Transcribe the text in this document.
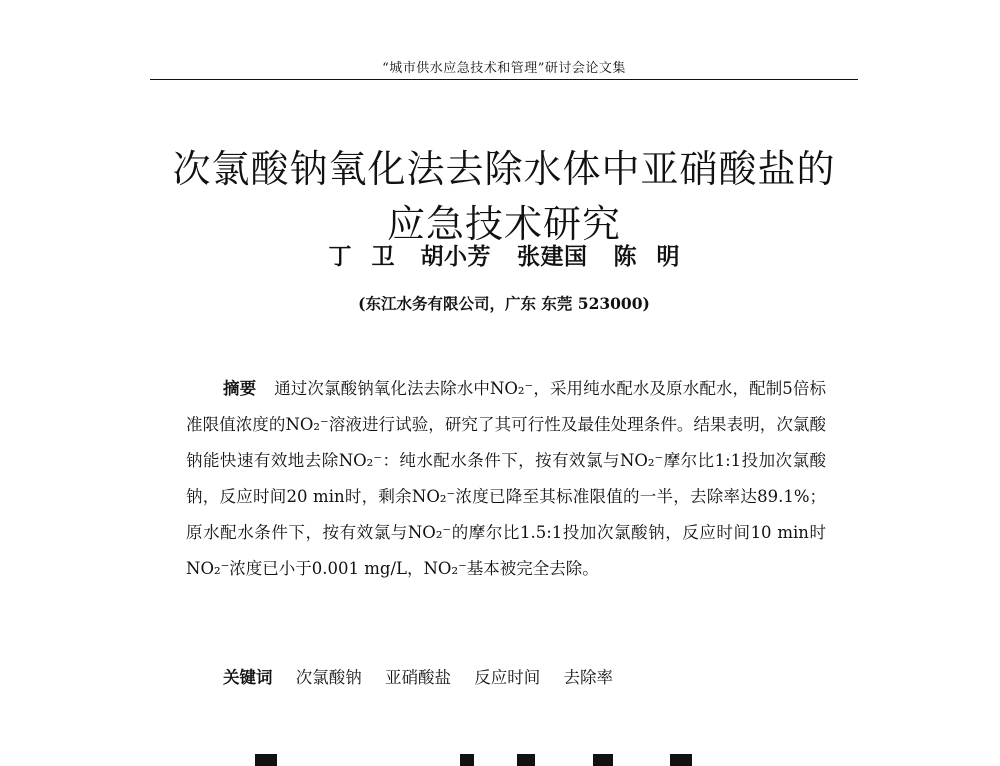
“城市供水应急技术和管理”研讨会论文集
次氯酸钠氧化法去除水体中亚硝酸盐的
应急技术研究
丁卫 胡小芳 张建国 陈明
(东江水务有限公司，广东 东莞 523000)
摘要 通过次氯酸钠氧化法去除水中NO₂⁻，采用纯水配水及原水配水，配制5倍标准限值浓度的NO₂⁻溶液进行试验，研究了其可行性及最佳处理条件。结果表明，次氯酸钠能快速有效地去除NO₂⁻：纯水配水条件下，按有效氯与NO₂⁻摩尔比1:1投加次氯酸钠，反应时间20 min时，剩余NO₂⁻浓度已降至其标准限值的一半，去除率达89.1%；原水配水条件下，按有效氯与NO₂⁻的摩尔比1.5:1投加次氯酸钠，反应时间10 min时NO₂⁻浓度已小于0.001 mg/L，NO₂⁻基本被完全去除。
关键词 次氯酸钠 亚硝酸盐 反应时间 去除率
